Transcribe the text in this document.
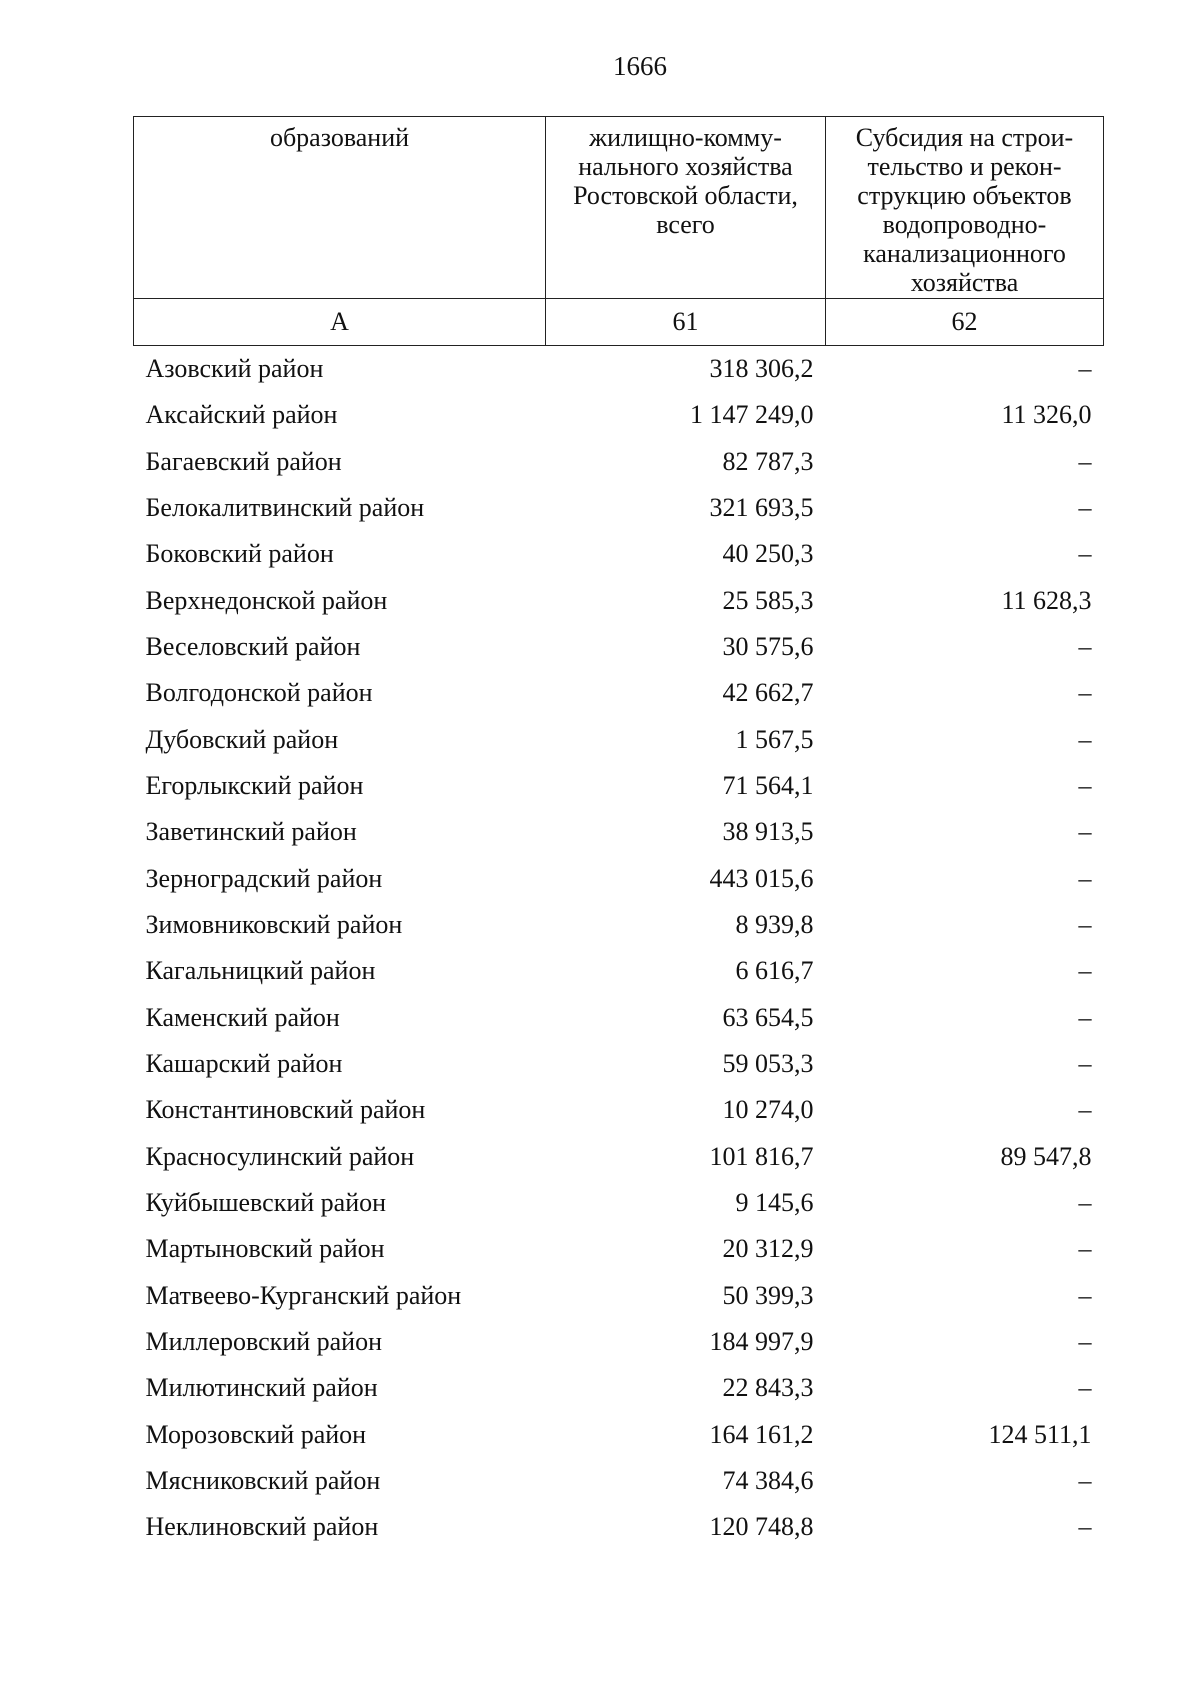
1666
образований	жилищно-комму-нального хозяйства Ростовской области, всего	Субсидия на строи-тельство и рекон-струкцию объектов водопроводно-канализационного хозяйства

А	61	62
Азовский район	318 306,2	–
Аксайский район	1 147 249,0	11 326,0
Багаевский район	82 787,3	–
Белокалитвинский район	321 693,5	–
Боковский район	40 250,3	–
Верхнедонской район	25 585,3	11 628,3
Веселовский район	30 575,6	–
Волгодонской район	42 662,7	–
Дубовский район	1 567,5	–
Егорлыкский район	71 564,1	–
Заветинский район	38 913,5	–
Зерноградский район	443 015,6	–
Зимовниковский район	8 939,8	–
Кагальницкий район	6 616,7	–
Каменский район	63 654,5	–
Кашарский район	59 053,3	–
Константиновский район	10 274,0	–
Красносулинский район	101 816,7	89 547,8
Куйбышевский район	9 145,6	–
Мартыновский район	20 312,9	–
Матвеево-Курганский район	50 399,3	–
Миллеровский район	184 997,9	–
Милютинский район	22 843,3	–
Морозовский район	164 161,2	124 511,1
Мясниковский район	74 384,6	–
Неклиновский район	120 748,8	–
